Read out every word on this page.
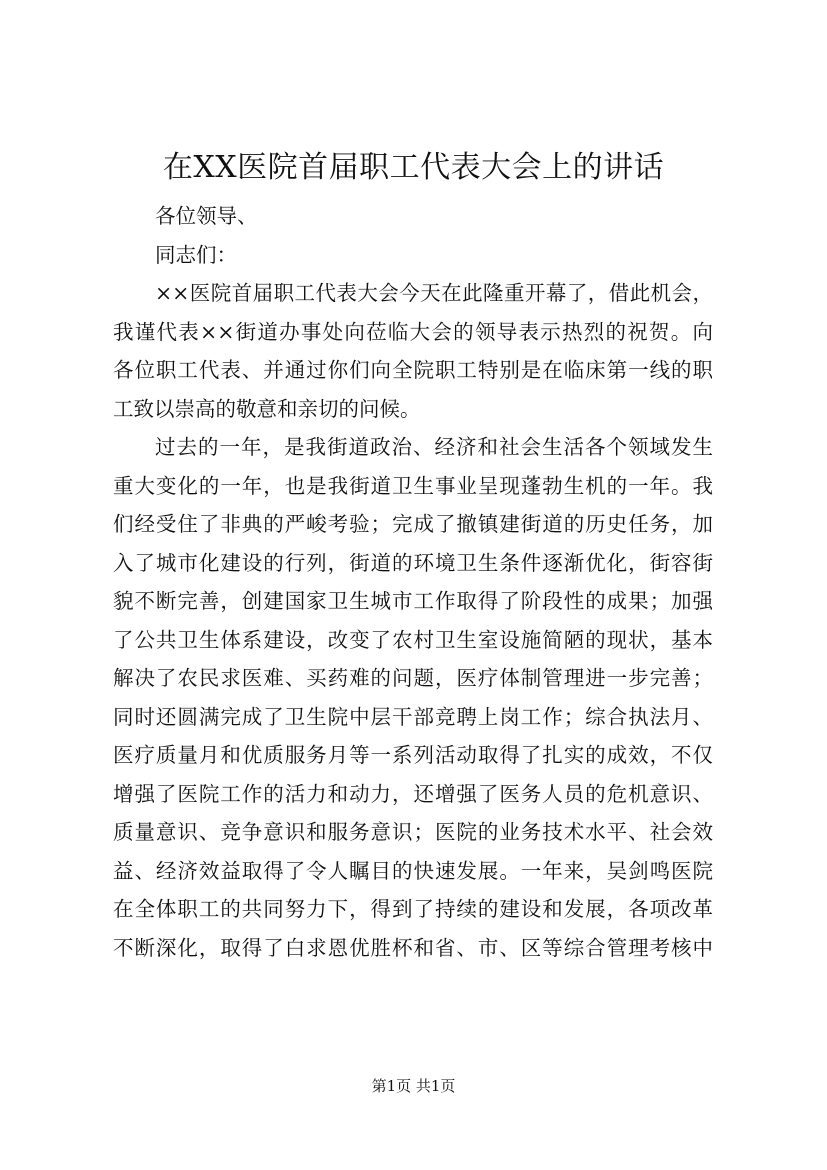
在XX医院首届职工代表大会上的讲话
各位领导、
同志们：
××医院首届职工代表大会今天在此隆重开幕了，借此机会，
我谨代表××街道办事处向莅临大会的领导表示热烈的祝贺。向
各位职工代表、并通过你们向全院职工特别是在临床第一线的职
工致以崇高的敬意和亲切的问候。
过去的一年，是我街道政治、经济和社会生活各个领域发生
重大变化的一年，也是我街道卫生事业呈现蓬勃生机的一年。我
们经受住了非典的严峻考验；完成了撤镇建街道的历史任务，加
入了城市化建设的行列，街道的环境卫生条件逐渐优化，街容街
貌不断完善，创建国家卫生城市工作取得了阶段性的成果；加强
了公共卫生体系建设，改变了农村卫生室设施简陋的现状，基本
解决了农民求医难、买药难的问题，医疗体制管理进一步完善；
同时还圆满完成了卫生院中层干部竞聘上岗工作；综合执法月、
医疗质量月和优质服务月等一系列活动取得了扎实的成效，不仅
增强了医院工作的活力和动力，还增强了医务人员的危机意识、
质量意识、竞争意识和服务意识；医院的业务技术水平、社会效
益、经济效益取得了令人瞩目的快速发展。一年来，吴剑鸣医院
在全体职工的共同努力下，得到了持续的建设和发展，各项改革
不断深化，取得了白求恩优胜杯和省、市、区等综合管理考核中
第1页 共1页
